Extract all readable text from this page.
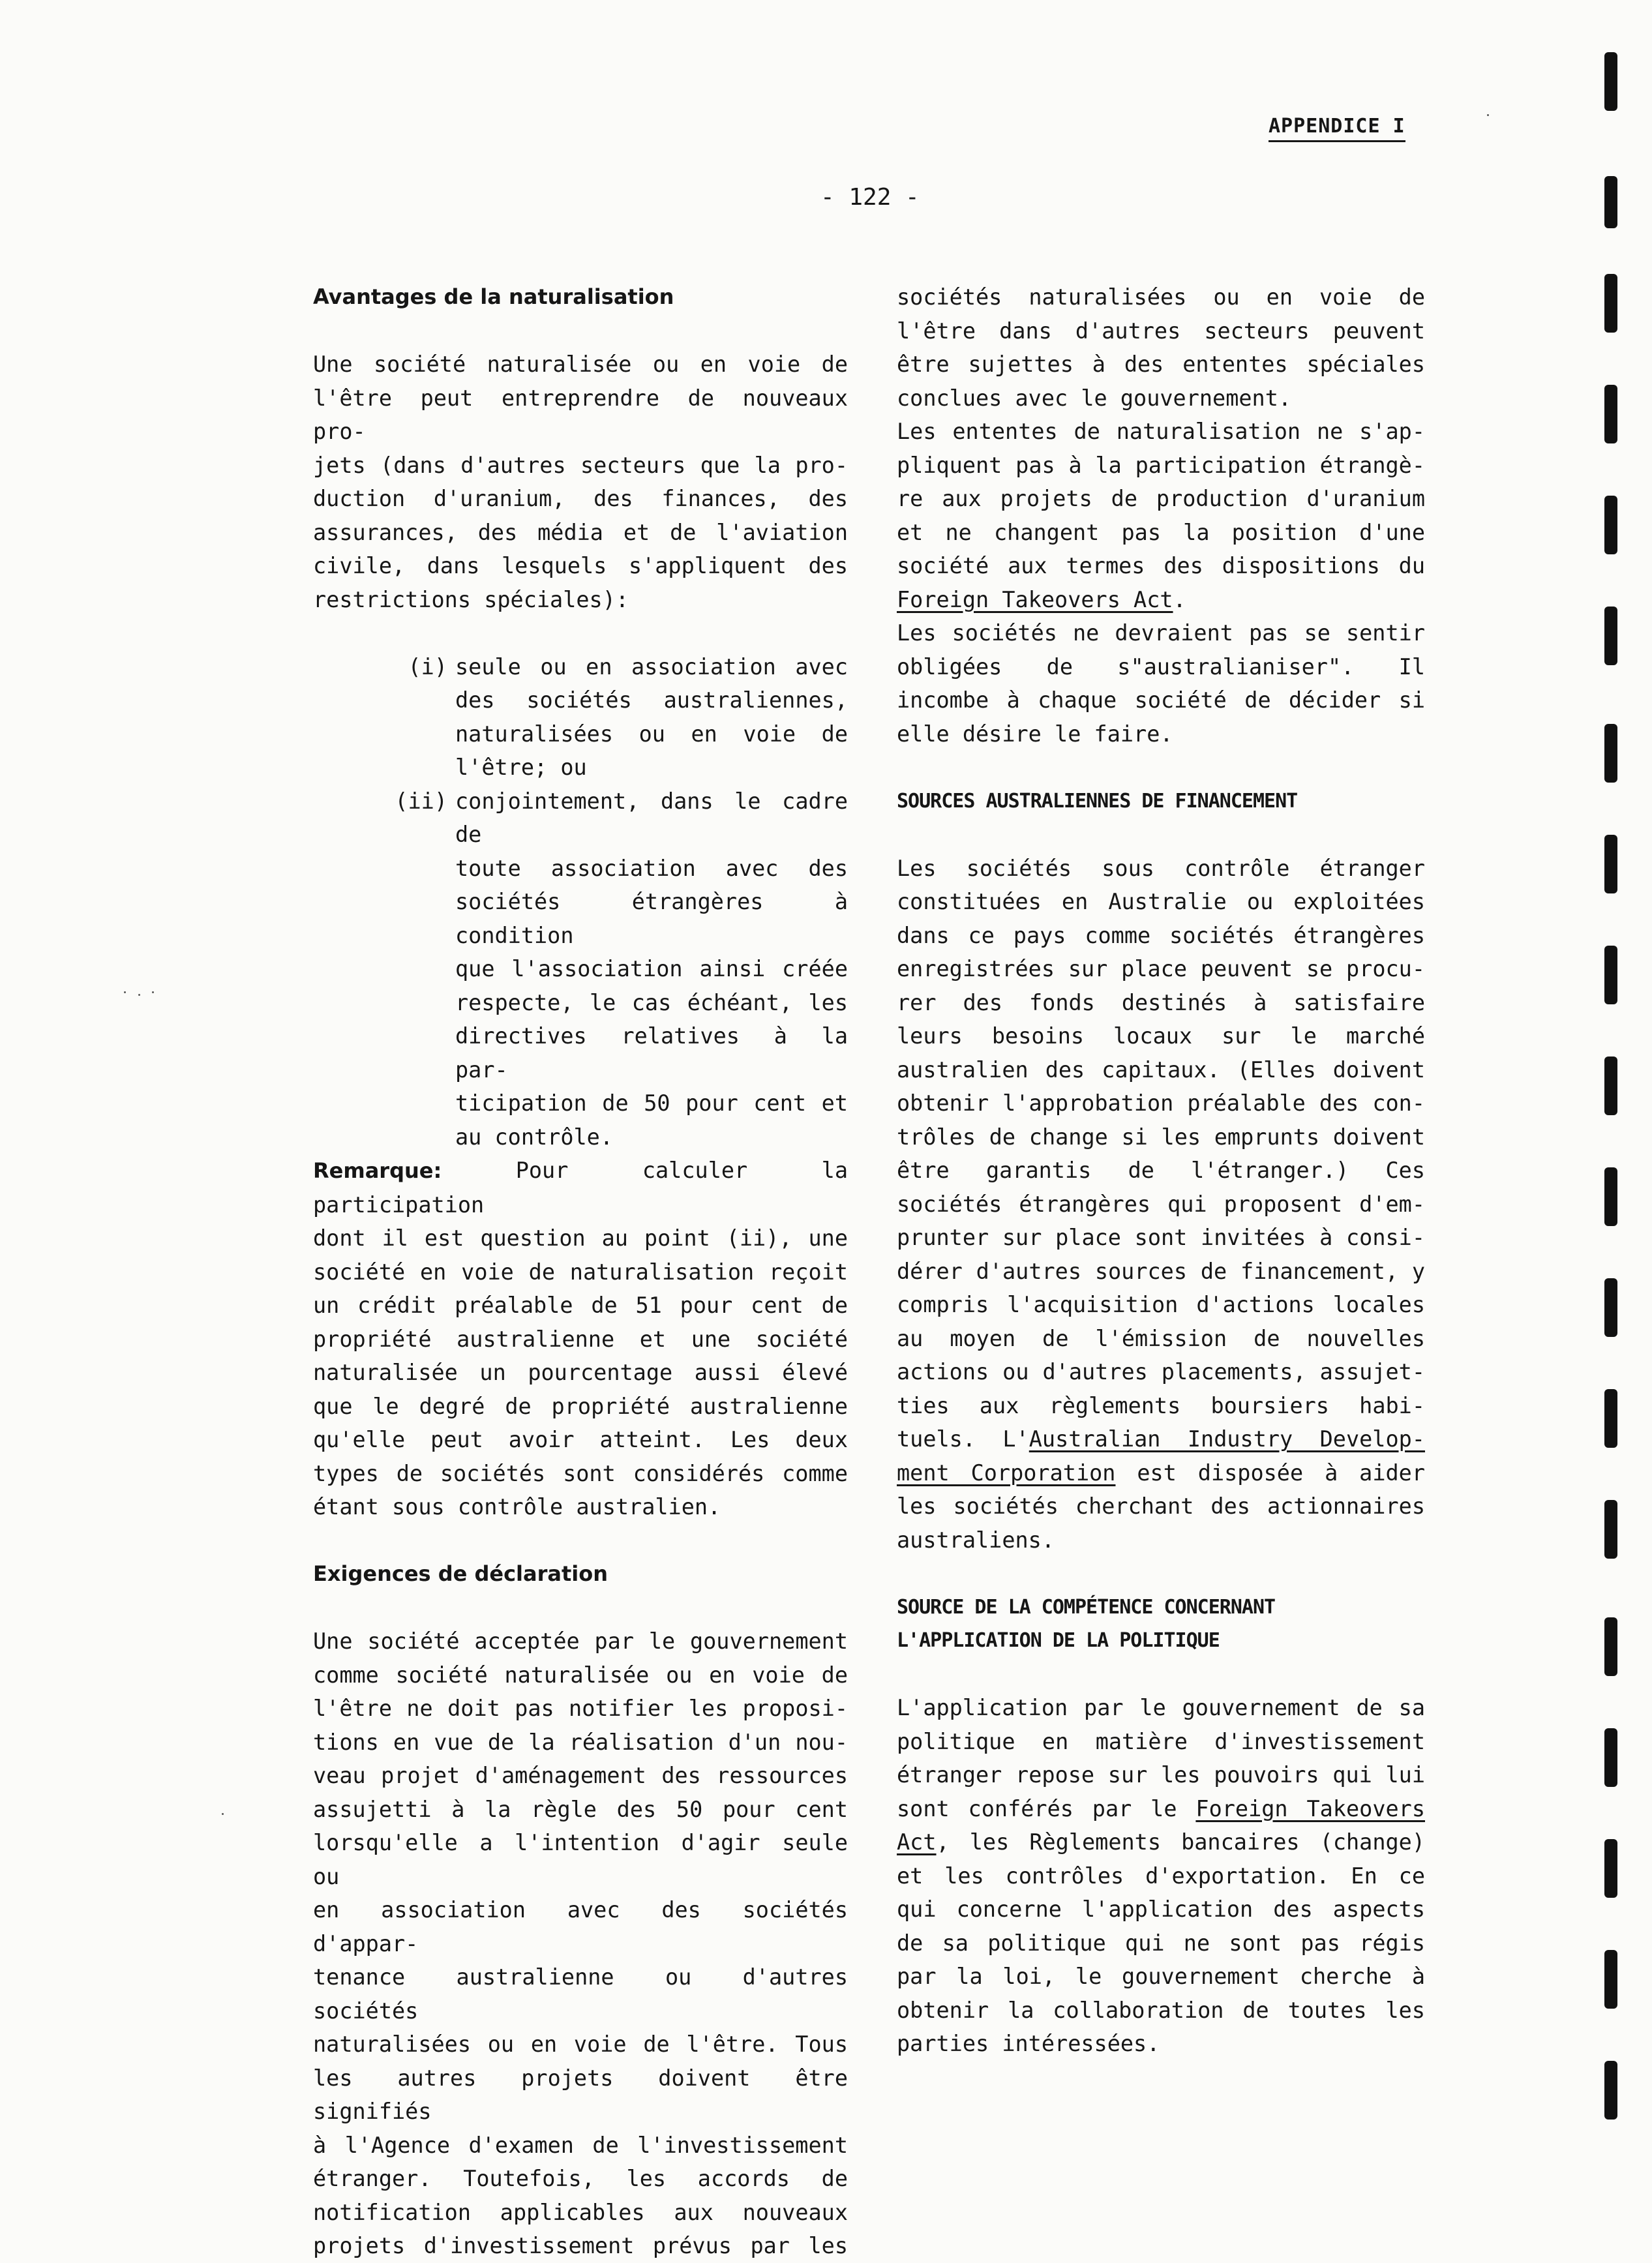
APPENDICE I
- 122 -

Avantages de la naturalisation

Une société naturalisée ou en voie de

l'être peut entreprendre de nouveaux pro-

jets (dans d'autres secteurs que la pro-

duction d'uranium, des finances, des

assurances, des média et de l'aviation

civile, dans lesquels s'appliquent des

restrictions spéciales):

(i) seule ou en association avec

des sociétés australiennes,

naturalisées ou en voie de

l'être; ou

(ii) conjointement, dans le cadre de

toute association avec des

sociétés étrangères à condition

que l'association ainsi créée

respecte, le cas échéant, les

directives relatives à la par-

ticipation de 50 pour cent et

au contrôle.

Remarque: Pour calculer la participation

dont il est question au point (ii), une

société en voie de naturalisation reçoit

un crédit préalable de 51 pour cent de

propriété australienne et une société

naturalisée un pourcentage aussi élevé

que le degré de propriété australienne

qu'elle peut avoir atteint. Les deux

types de sociétés sont considérés comme

étant sous contrôle australien.

Exigences de déclaration

Une société acceptée par le gouvernement

comme société naturalisée ou en voie de

l'être ne doit pas notifier les proposi-

tions en vue de la réalisation d'un nou-

veau projet d'aménagement des ressources

assujetti à la règle des 50 pour cent

lorsqu'elle a l'intention d'agir seule ou

en association avec des sociétés d'appar-

tenance australienne ou d'autres sociétés

naturalisées ou en voie de l'être. Tous

les autres projets doivent être signifiés

à l'Agence d'examen de l'investissement

étranger. Toutefois, les accords de

notification applicables aux nouveaux

projets d'investissement prévus par les

sociétés naturalisées ou en voie de

l'être dans d'autres secteurs peuvent

être sujettes à des ententes spéciales

conclues avec le gouvernement.

Les ententes de naturalisation ne s'ap-

pliquent pas à la participation étrangè-

re aux projets de production d'uranium

et ne changent pas la position d'une

société aux termes des dispositions du

Foreign Takeovers Act.

Les sociétés ne devraient pas se sentir

obligées de s"australianiser". Il

incombe à chaque société de décider si

elle désire le faire.

SOURCES AUSTRALIENNES DE FINANCEMENT

Les sociétés sous contrôle étranger

constituées en Australie ou exploitées

dans ce pays comme sociétés étrangères

enregistrées sur place peuvent se procu-

rer des fonds destinés à satisfaire

leurs besoins locaux sur le marché

australien des capitaux. (Elles doivent

obtenir l'approbation préalable des con-

trôles de change si les emprunts doivent

être garantis de l'étranger.) Ces

sociétés étrangères qui proposent d'em-

prunter sur place sont invitées à consi-

dérer d'autres sources de financement, y

compris l'acquisition d'actions locales

au moyen de l'émission de nouvelles

actions ou d'autres placements, assujet-

ties aux règlements boursiers habi-

tuels. L'Australian Industry Develop-

ment Corporation est disposée à aider

les sociétés cherchant des actionnaires

australiens.

SOURCE DE LA COMPÉTENCE CONCERNANT

L'APPLICATION DE LA POLITIQUE

L'application par le gouvernement de sa

politique en matière d'investissement

étranger repose sur les pouvoirs qui lui

sont conférés par le Foreign Takeovers

Act, les Règlements bancaires (change)

et les contrôles d'exportation. En ce

qui concerne l'application des aspects

de sa politique qui ne sont pas régis

par la loi, le gouvernement cherche à

obtenir la collaboration de toutes les

parties intéressées.
